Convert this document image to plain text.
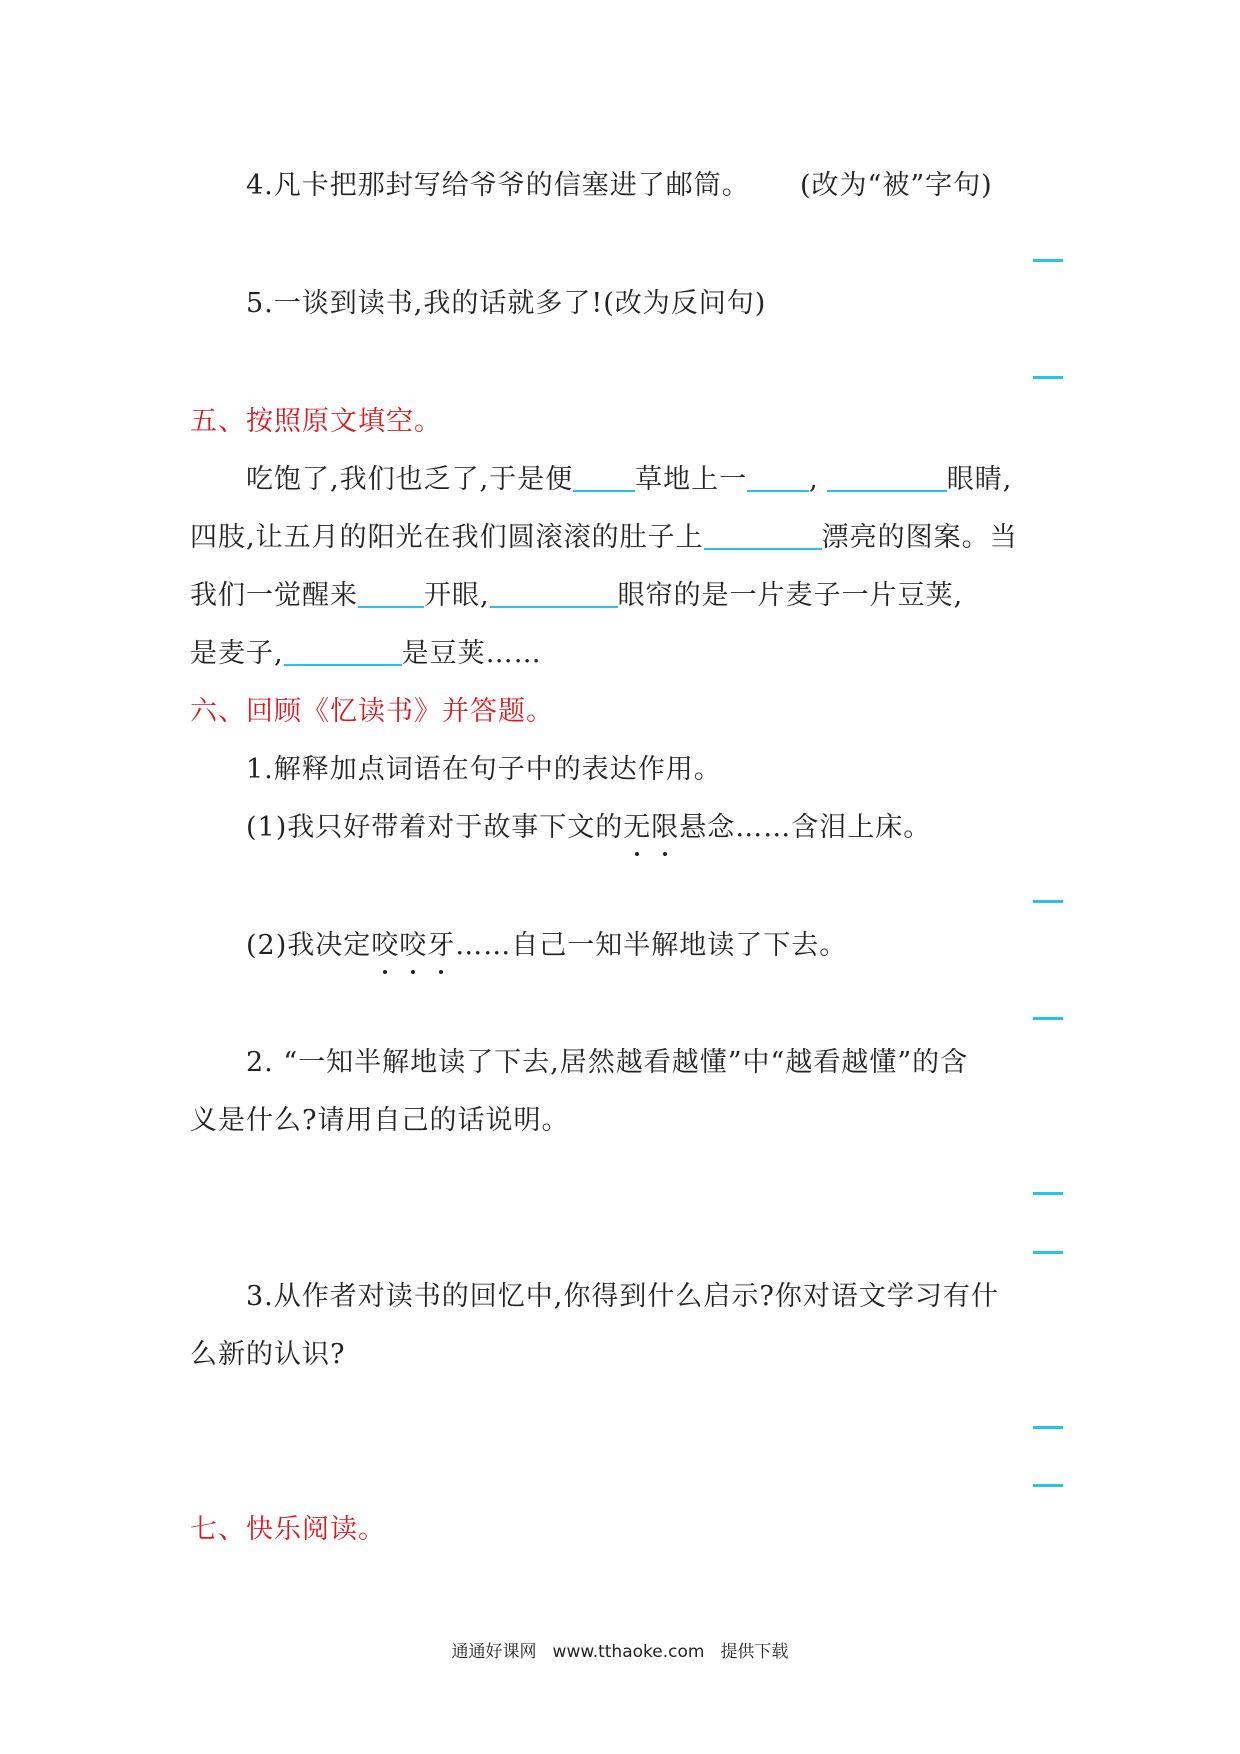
4.凡卡把那封写给爷爷的信塞进了邮筒。 (改为“被”字句)
5.一谈到读书,我的话就多了!(改为反问句)
五、按照原文填空。
吃饱了,我们也乏了,于是便 草地上一 ,	眼睛,
四肢,让五月的阳光在我们圆滚滚的肚子上	漂亮的图案。当
我们一觉醒来 开眼,	眼帘的是一片麦子一片豆荚,
是麦子,	是豆荚……
六、回顾《忆读书》并答题。
1.解释加点词语在句子中的表达作用。
(1)我只好带着对于故事下文的无限悬念……含泪上床。
(2)我决定咬咬牙……自己一知半解地读了下去。
2. “一知半解地读了下去,居然越看越懂”中“越看越懂”的含
义是什么?请用自己的话说明。
3.从作者对读书的回忆中,你得到什么启示?你对语文学习有什
么新的认识?
七、快乐阅读。
通通好课网 www.tthaoke.com 提供下载
